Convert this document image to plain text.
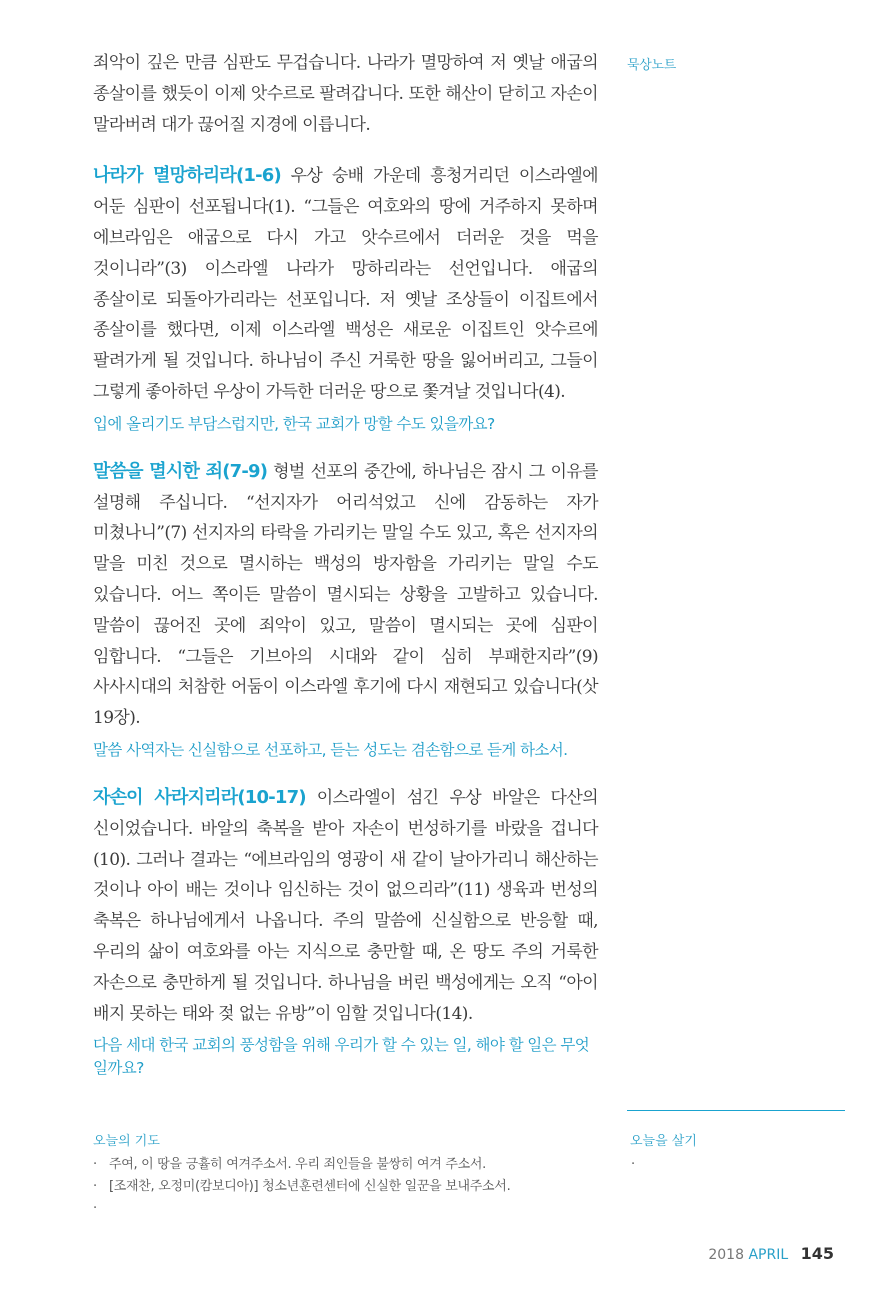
묵상노트

죄악이 깊은 만큼 심판도 무겁습니다. 나라가 멸망하여 저 옛날 애굽의 종살이를 했듯이 이제 앗수르로 팔려갑니다. 또한 해산이 닫히고 자손이 말라버려 대가 끊어질 지경에 이릅니다.

나라가 멸망하리라(1-6) 우상 숭배 가운데 흥청거리던 이스라엘에 어둔 심판이 선포됩니다(1). “그들은 여호와의 땅에 거주하지 못하며 에브라임은 애굽으로 다시 가고 앗수르에서 더러운 것을 먹을 것이니라”(3) 이스라엘 나라가 망하리라는 선언입니다. 애굽의 종살이로 되돌아가리라는 선포입니다. 저 옛날 조상들이 이집트에서 종살이를 했다면, 이제 이스라엘 백성은 새로운 이집트인 앗수르에 팔려가게 될 것입니다. 하나님이 주신 거룩한 땅을 잃어버리고, 그들이 그렇게 좋아하던 우상이 가득한 더러운 땅으로 쫓겨날 것입니다(4).

입에 올리기도 부담스럽지만, 한국 교회가 망할 수도 있을까요?

말씀을 멸시한 죄(7-9) 형벌 선포의 중간에, 하나님은 잠시 그 이유를 설명해 주십니다. “선지자가 어리석었고 신에 감동하는 자가 미쳤나니”(7) 선지자의 타락을 가리키는 말일 수도 있고, 혹은 선지자의 말을 미친 것으로 멸시하는 백성의 방자함을 가리키는 말일 수도 있습니다. 어느 쪽이든 말씀이 멸시되는 상황을 고발하고 있습니다. 말씀이 끊어진 곳에 죄악이 있고, 말씀이 멸시되는 곳에 심판이 임합니다. “그들은 기브아의 시대와 같이 심히 부패한지라”(9) 사사시대의 처참한 어둠이 이스라엘 후기에 다시 재현되고 있습니다(삿 19장).

말씀 사역자는 신실함으로 선포하고, 듣는 성도는 겸손함으로 듣게 하소서.

자손이 사라지리라(10-17) 이스라엘이 섬긴 우상 바알은 다산의 신이었습니다. 바알의 축복을 받아 자손이 번성하기를 바랐을 겁니다(10). 그러나 결과는 “에브라임의 영광이 새 같이 날아가리니 해산하는 것이나 아이 배는 것이나 임신하는 것이 없으리라”(11) 생육과 번성의 축복은 하나님에게서 나옵니다. 주의 말씀에 신실함으로 반응할 때, 우리의 삶이 여호와를 아는 지식으로 충만할 때, 온 땅도 주의 거룩한 자손으로 충만하게 될 것입니다. 하나님을 버린 백성에게는 오직 “아이 배지 못하는 태와 젖 없는 유방”이 임할 것입니다(14).

다음 세대 한국 교회의 풍성함을 위해 우리가 할 수 있는 일, 해야 할 일은 무엇일까요?

오늘의 기도
· 주여, 이 땅을 긍휼히 여겨주소서. 우리 죄인들을 불쌍히 여겨 주소서.
· [조재찬, 오정미(캄보디아)] 청소년훈련센터에 신실한 일꾼을 보내주소서.
·
오늘을 살기
·
2018 APRIL 145
